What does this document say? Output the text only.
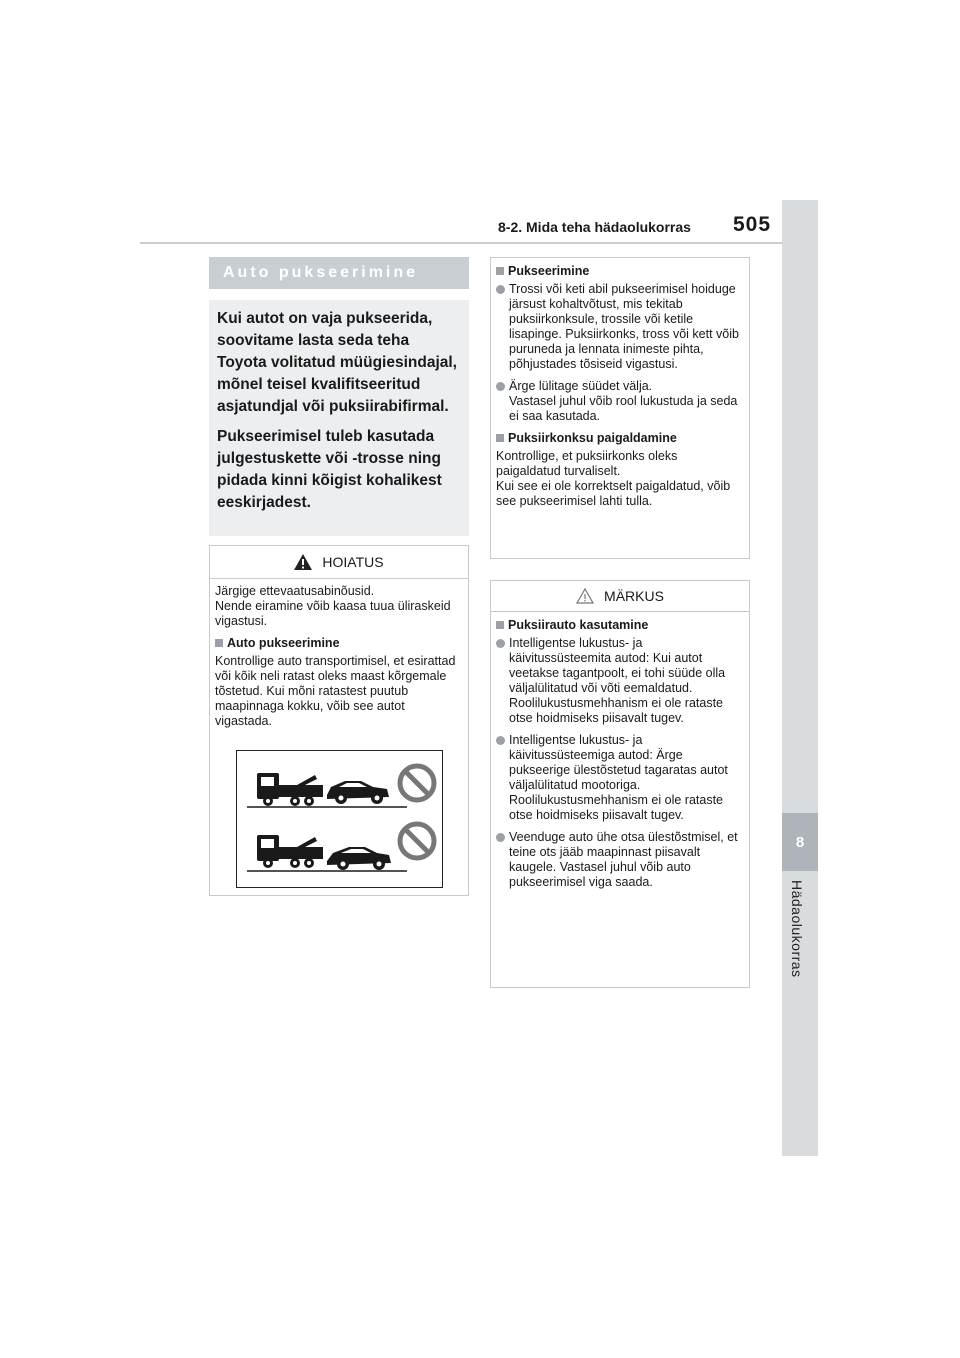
8-2. Mida teha hädaolukorras 505
8
Hädaolukorras
Auto pukseerimine

Kui autot on vaja pukseerida, soovitame lasta seda teha Toyota volitatud müügiesindajal, mõnel teisel kvalifitseeritud asjatundjal või puksiirabifirmal.

Pukseerimisel tuleb kasutada julgestuskette või -trosse ning pidada kinni kõigist kohalikest eeskirjadest.

HOIATUS
Järgige ettevaatusabinõusid.
Nende eiramine võib kaasa tuua üliraskeid vigastusi.
Auto pukseerimine
Kontrollige auto transportimisel, et esirattad või kõik neli ratast oleks maast kõrgemale tõstetud. Kui mõni ratastest puutub maapinnaga kokku, võib see autot vigastada.
Pukseerimine
Trossi või keti abil pukseerimisel hoiduge järsust kohaltvõtust, mis tekitab puksiirkonksule, trossile või ketile lisapinge. Puksiirkonks, tross või kett võib puruneda ja lennata inimeste pihta, põhjustades tõsiseid vigastusi.
Ärge lülitage süüdet välja.
Vastasel juhul võib rool lukustuda ja seda ei saa kasutada.
Puksiirkonksu paigaldamine
Kontrollige, et puksiirkonks oleks paigaldatud turvaliselt.
Kui see ei ole korrektselt paigaldatud, võib see pukseerimisel lahti tulla.
MÄRKUS
Puksiirauto kasutamine
Intelligentse lukustus- ja käivitussüsteemita autod: Kui autot veetakse tagantpoolt, ei tohi süüde olla väljalülitatud või võti eemaldatud.
Roolilukustusmehhanism ei ole rataste otse hoidmiseks piisavalt tugev.
Intelligentse lukustus- ja käivitussüsteemiga autod: Ärge pukseerige ülestõstetud tagaratas autot väljalülitatud mootoriga.
Roolilukustusmehhanism ei ole rataste otse hoidmiseks piisavalt tugev.
Veenduge auto ühe otsa ülestõstmisel, et teine ots jääb maapinnast piisavalt kaugele. Vastasel juhul võib auto pukseerimisel viga saada.
